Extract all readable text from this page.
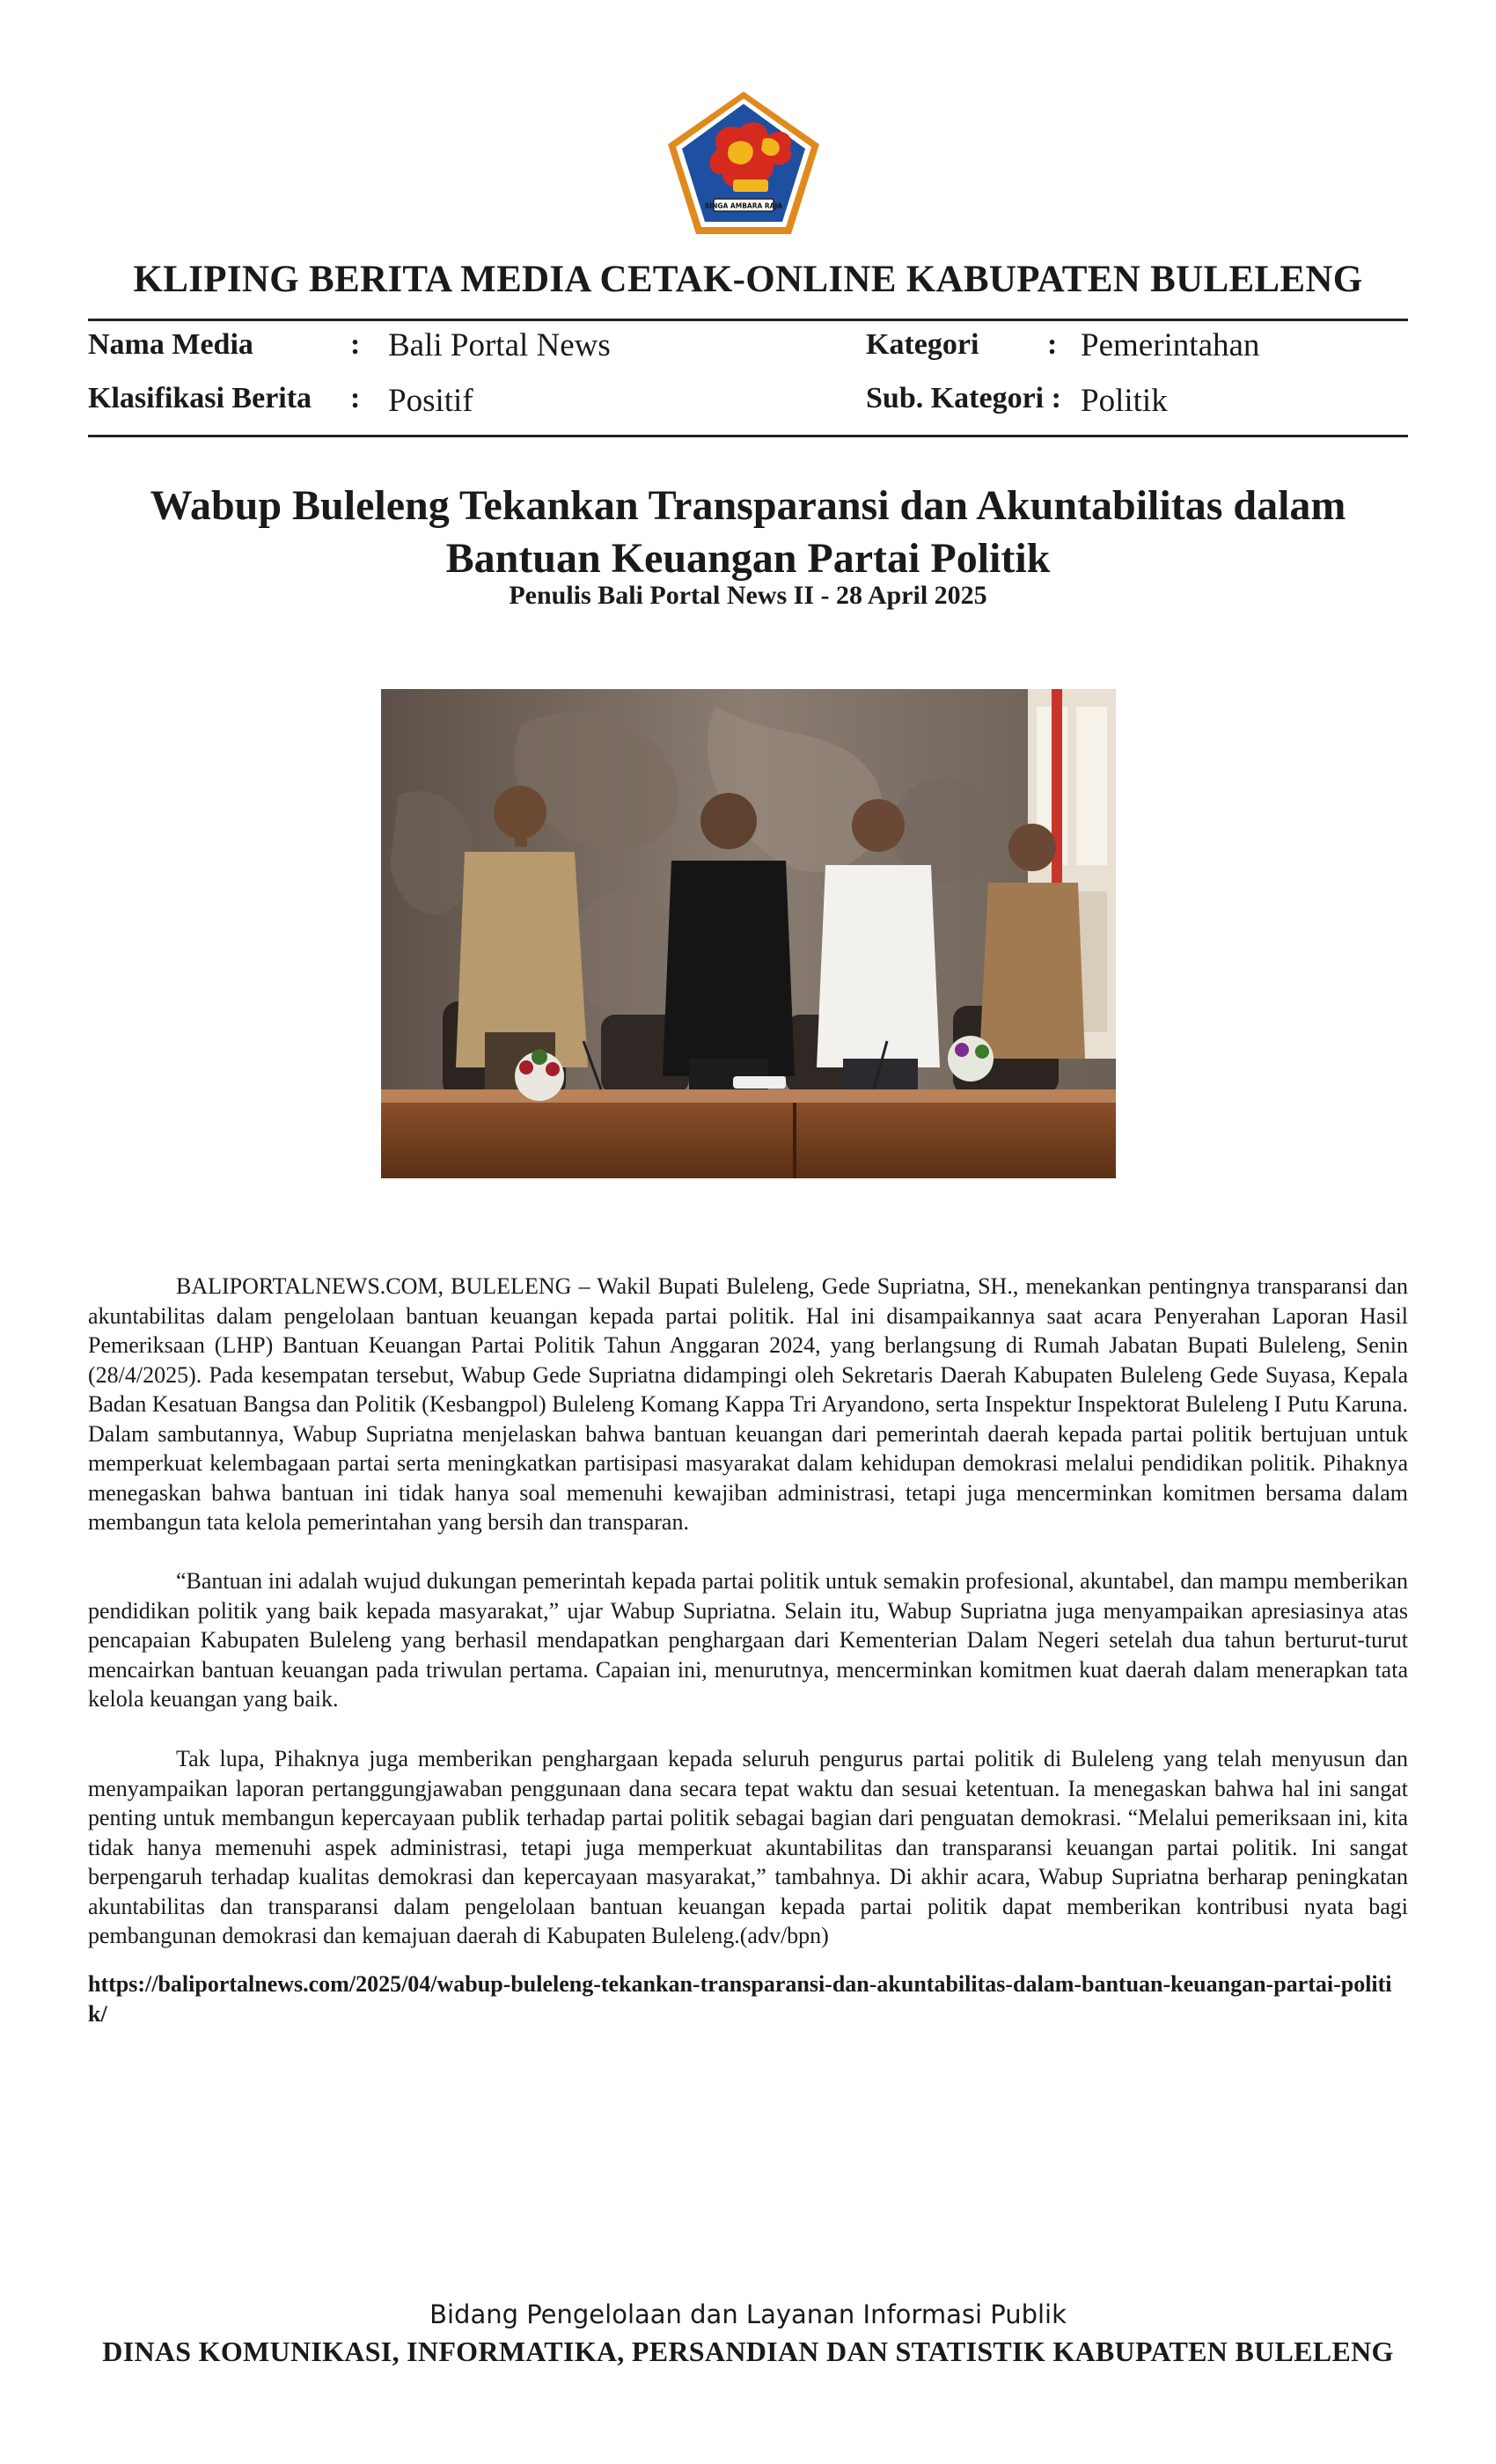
SINGA AMBARA RAJA
KLIPING BERITA MEDIA CETAK-ONLINE KABUPATEN BULELENG
Nama Media	: Bali Portal News	Kategori : Pemerintahan
Klasifikasi Berita : Positif	Sub. Kategori : Politik
Wabup Buleleng Tekankan Transparansi dan Akuntabilitas dalam Bantuan Keuangan Partai Politik
Penulis Bali Portal News II - 28 April 2025

BALIPORTALNEWS.COM, BULELENG – Wakil Bupati Buleleng, Gede Supriatna, SH., menekankan pentingnya transparansi dan akuntabilitas dalam pengelolaan bantuan keuangan kepada partai politik. Hal ini disampaikannya saat acara Penyerahan Laporan Hasil Pemeriksaan (LHP) Bantuan Keuangan Partai Politik Tahun Anggaran 2024, yang berlangsung di Rumah Jabatan Bupati Buleleng, Senin (28/4/2025). Pada kesempatan tersebut, Wabup Gede Supriatna didampingi oleh Sekretaris Daerah Kabupaten Buleleng Gede Suyasa, Kepala Badan Kesatuan Bangsa dan Politik (Kesbangpol) Buleleng Komang Kappa Tri Aryandono, serta Inspektur Inspektorat Buleleng I Putu Karuna. Dalam sambutannya, Wabup Supriatna menjelaskan bahwa bantuan keuangan dari pemerintah daerah kepada partai politik bertujuan untuk memperkuat kelembagaan partai serta meningkatkan partisipasi masyarakat dalam kehidupan demokrasi melalui pendidikan politik. Pihaknya menegaskan bahwa bantuan ini tidak hanya soal memenuhi kewajiban administrasi, tetapi juga mencerminkan komitmen bersama dalam membangun tata kelola pemerintahan yang bersih dan transparan.

“Bantuan ini adalah wujud dukungan pemerintah kepada partai politik untuk semakin profesional, akuntabel, dan mampu memberikan pendidikan politik yang baik kepada masyarakat,” ujar Wabup Supriatna. Selain itu, Wabup Supriatna juga menyampaikan apresiasinya atas pencapaian Kabupaten Buleleng yang berhasil mendapatkan penghargaan dari Kementerian Dalam Negeri setelah dua tahun berturut-turut mencairkan bantuan keuangan pada triwulan pertama. Capaian ini, menurutnya, mencerminkan komitmen kuat daerah dalam menerapkan tata kelola keuangan yang baik.

Tak lupa, Pihaknya juga memberikan penghargaan kepada seluruh pengurus partai politik di Buleleng yang telah menyusun dan menyampaikan laporan pertanggungjawaban penggunaan dana secara tepat waktu dan sesuai ketentuan. Ia menegaskan bahwa hal ini sangat penting untuk membangun kepercayaan publik terhadap partai politik sebagai bagian dari penguatan demokrasi. “Melalui pemeriksaan ini, kita tidak hanya memenuhi aspek administrasi, tetapi juga memperkuat akuntabilitas dan transparansi keuangan partai politik. Ini sangat berpengaruh terhadap kualitas demokrasi dan kepercayaan masyarakat,” tambahnya. Di akhir acara, Wabup Supriatna berharap peningkatan akuntabilitas dan transparansi dalam pengelolaan bantuan keuangan kepada partai politik dapat memberikan kontribusi nyata bagi pembangunan demokrasi dan kemajuan daerah di Kabupaten Buleleng.(adv/bpn)

https://baliportalnews.com/2025/04/wabup-buleleng-tekankan-transparansi-dan-akuntabilitas-dalam-bantuan-keuangan-partai-politik/

Bidang Pengelolaan dan Layanan Informasi Publik
DINAS KOMUNIKASI, INFORMATIKA, PERSANDIAN DAN STATISTIK KABUPATEN BULELENG
